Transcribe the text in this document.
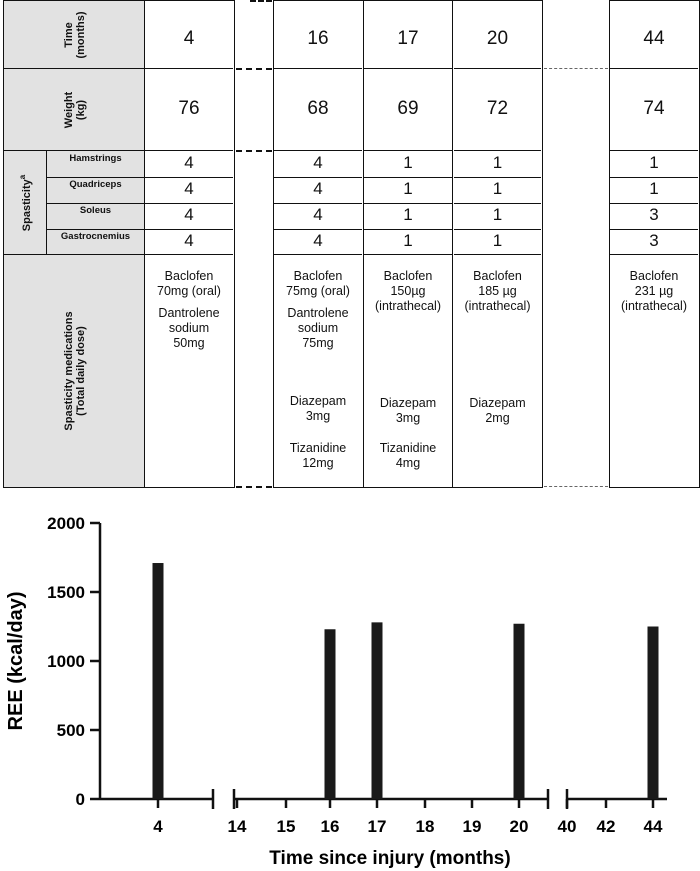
Time
(months)
Weight
(kg)
Spasticity$^a$
Hamstrings
Quadriceps
Soleus
Gastrocnemius
Spasticity medications
(Total daily dose)
4
76
4
4
4
4
Baclofen
70mg (oral)
Dantrolene
sodium
50mg
16
68
4
4
4
4
Baclofen
75mg (oral)
Dantrolene
sodium
75mg
Diazepam
3mg
Tizanidine
12mg
17
69
1
1
1
1
Baclofen
150µg
(intrathecal)
Diazepam
3mg
Tizanidine
4mg
20
72
1
1
1
1
Baclofen
185 µg
(intrathecal)
Diazepam
2mg
44
74
1
1
3
3
Baclofen
231 µg
(intrathecal)
0
500
1000
1500
2000
REE (kcal/day)
4	14 15 16 17 18 19 20 40 42 44
Time since injury (months)
